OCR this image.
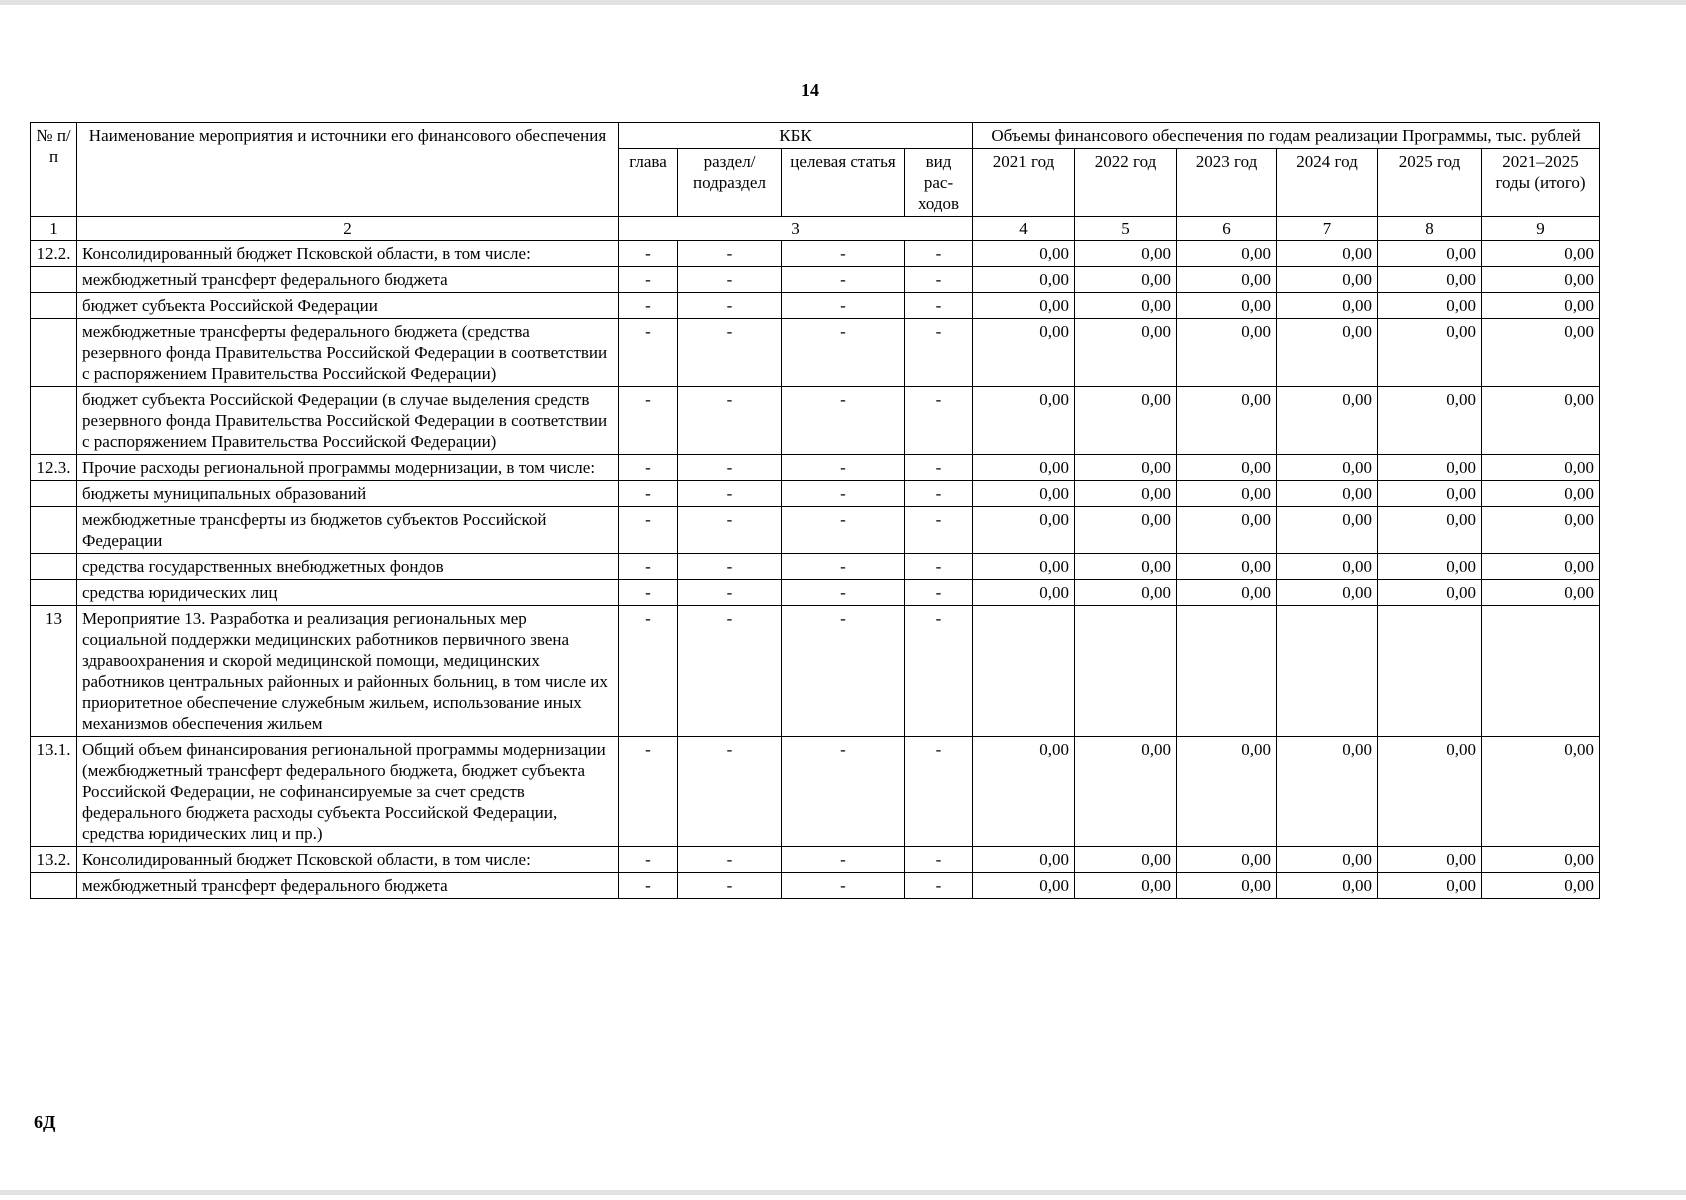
14
№ п/п	Наименование мероприятия и источники его финансового обеспечения	КБК				Объемы финансового обеспечения по годам реализации Программы, тыс. рублей					
		глава	раздел/ подраздел	целевая статья	вид рас-ходов	2021 год	2022 год	2023 год	2024 год	2025 год	2021–2025 годы (итого)
1	2	3				4	5	6	7	8	9
12.2.	Консолидированный бюджет Псковской области, в том числе:	-	-	-	-	0,00	0,00	0,00	0,00	0,00	0,00
	межбюджетный трансферт федерального бюджета	-	-	-	-	0,00	0,00	0,00	0,00	0,00	0,00
	бюджет субъекта Российской Федерации	-	-	-	-	0,00	0,00	0,00	0,00	0,00	0,00
	межбюджетные трансферты федерального бюджета (средства резервного фонда Правительства Российской Федерации в соответствии с распоряжением Правительства Российской Федерации)	-	-	-	-	0,00	0,00	0,00	0,00	0,00	0,00
	бюджет субъекта Российской Федерации (в случае выделения средств резервного фонда Правительства Российской Федерации в соответствии с распоряжением Правительства Российской Федерации)	-	-	-	-	0,00	0,00	0,00	0,00	0,00	0,00
12.3.	Прочие расходы региональной программы модернизации, в том числе:	-	-	-	-	0,00	0,00	0,00	0,00	0,00	0,00
	бюджеты муниципальных образований	-	-	-	-	0,00	0,00	0,00	0,00	0,00	0,00
	межбюджетные трансферты из бюджетов субъектов Российской Федерации	-	-	-	-	0,00	0,00	0,00	0,00	0,00	0,00
	средства государственных внебюджетных фондов	-	-	-	-	0,00	0,00	0,00	0,00	0,00	0,00
	средства юридических лиц	-	-	-	-	0,00	0,00	0,00	0,00	0,00	0,00
13	Мероприятие 13. Разработка и реализация региональных мер социальной поддержки медицинских работников первичного звена здравоохранения и скорой медицинской помощи, медицинских работников центральных районных и районных больниц, в том числе их приоритетное обеспечение служебным жильем, использование иных механизмов обеспечения жильем	-	-	-	-						
13.1.	Общий объем финансирования региональной программы модернизации (межбюджетный трансферт федерального бюджета, бюджет субъекта Российской Федерации, не софинансируемые за счет средств федерального бюджета расходы субъекта Российской Федерации, средства юридических лиц и пр.)	-	-	-	-	0,00	0,00	0,00	0,00	0,00	0,00
13.2.	Консолидированный бюджет Псковской области, в том числе:	-	-	-	-	0,00	0,00	0,00	0,00	0,00	0,00
	межбюджетный трансферт федерального бюджета	-	-	-	-	0,00	0,00	0,00	0,00	0,00	0,00
6Д
